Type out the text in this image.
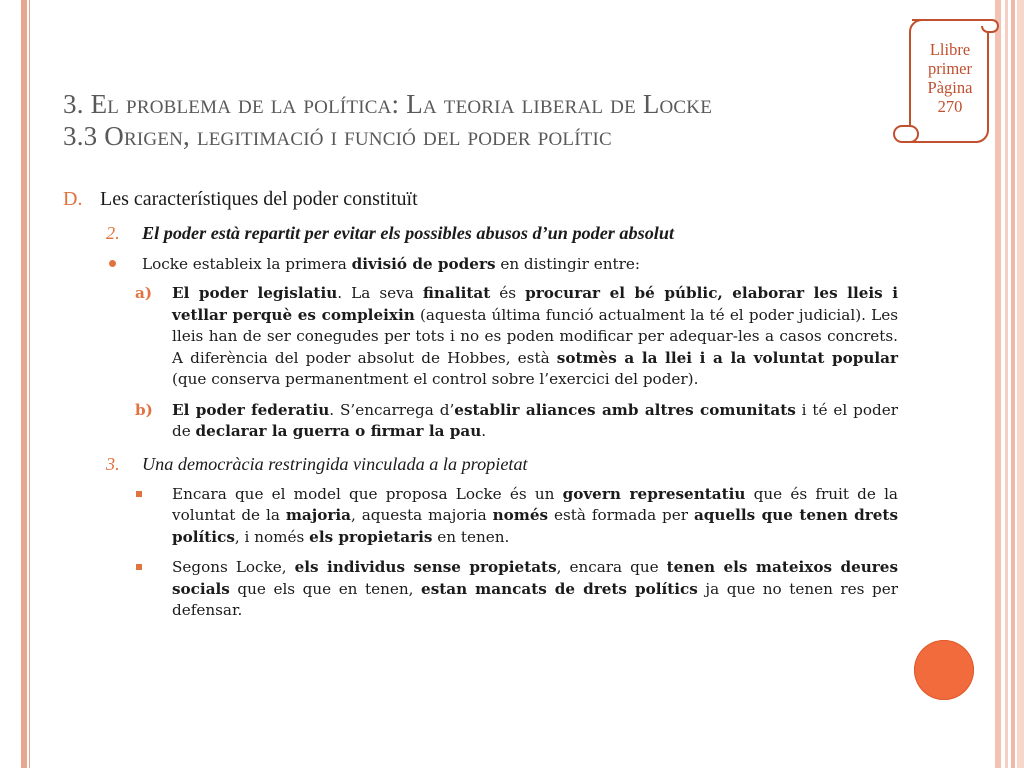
Llibre
primer
Pàgina
270
3. El problema de la política: La teoria liberal de Locke
3.3 Origen, legitimació i funció del poder polític
D. Les característiques del poder constituït
2. El poder està repartit per evitar els possibles abusos d’un poder absolut
Locke estableix la primera divisió de poders en distingir entre:
a) El poder legislatiu. La seva finalitat és procurar el bé públic, elaborar les lleis i vetllar perquè es compleixin (aquesta última funció actualment la té el poder judicial). Les lleis han de ser conegudes per tots i no es poden modificar per adequar-les a casos concrets. A diferència del poder absolut de Hobbes, està sotmès a la llei i a la voluntat popular (que conserva permanentment el control sobre l’exercici del poder).
b) El poder federatiu. S’encarrega d’establir aliances amb altres comunitats i té el poder de declarar la guerra o firmar la pau.
3. Una democràcia restringida vinculada a la propietat
Encara que el model que proposa Locke és un govern representatiu que és fruit de la voluntat de la majoria, aquesta majoria només està formada per aquells que tenen drets polítics, i només els propietaris en tenen.
Segons Locke, els individus sense propietats, encara que tenen els mateixos deures socials que els que en tenen, estan mancats de drets polítics ja que no tenen res per defensar.
